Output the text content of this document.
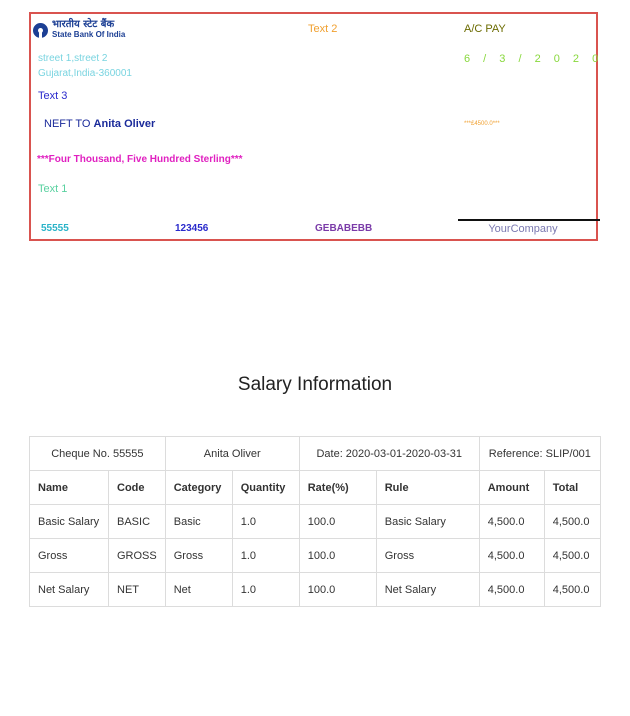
भारतीय स्टेट बैंक
State Bank Of India	Text 2	A/C PAY
6 / 3 / 2 0 2 0
street 1,street 2
Gujarat,India-360001
Text 3
NEFT TO Anita Oliver	***£4500.0***
***Four Thousand, Five Hundred Sterling***
Text 1
55555	123456	GEBABEBB	YourCompany
Salary Information
Cheque No. 55555		Anita Oliver		Date: 2020-03-01-2020-03-31		Reference: SLIP/001	
Name	Code	Category	Quantity	Rate(%)	Rule	Amount	Total
Basic Salary	BASIC	Basic	1.0	100.0	Basic Salary	4,500.0	4,500.0
Gross	GROSS	Gross	1.0	100.0	Gross	4,500.0	4,500.0
Net Salary	NET	Net	1.0	100.0	Net Salary	4,500.0	4,500.0
